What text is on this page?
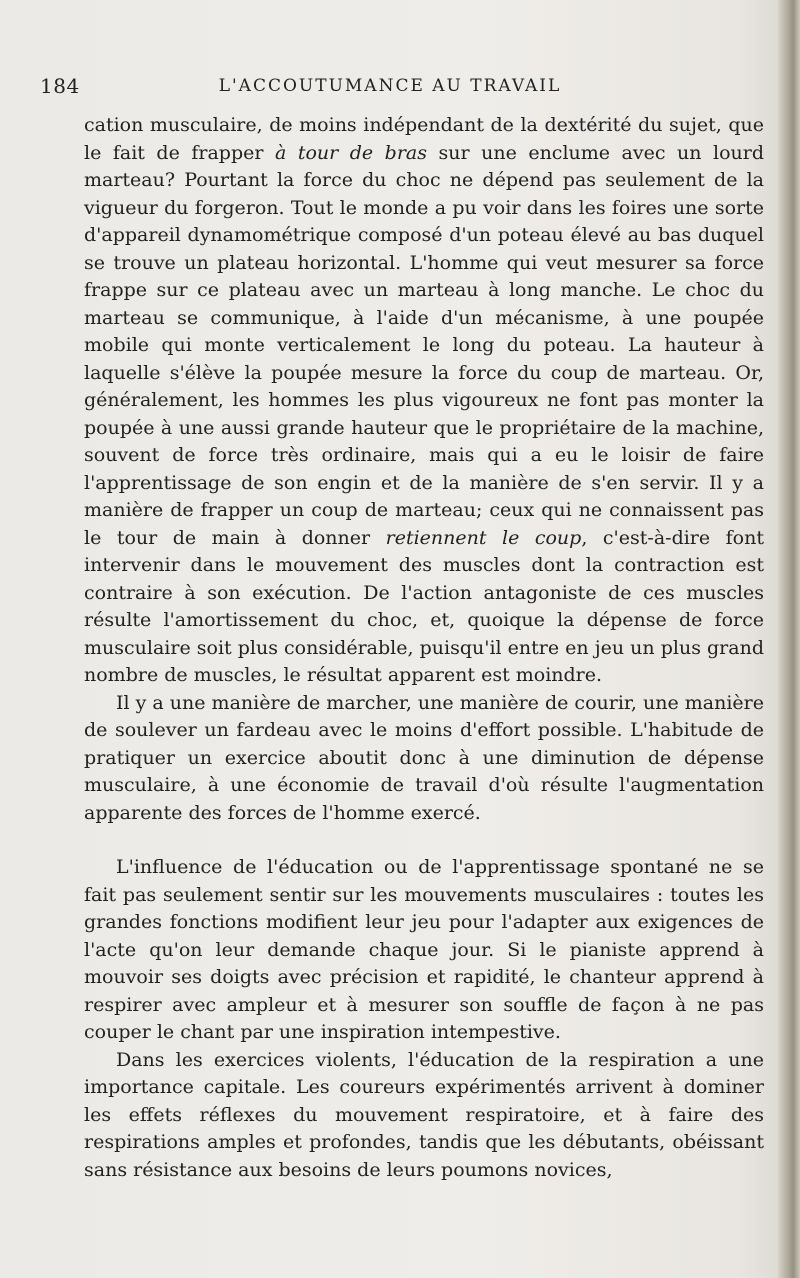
184	L'ACCOUTUMANCE AU TRAVAIL

cation musculaire, de moins indépendant de la dextérité du sujet, que le fait de frapper à tour de bras sur une enclume avec un lourd marteau? Pourtant la force du choc ne dépend pas seulement de la vigueur du forgeron. Tout le monde a pu voir dans les foires une sorte d'appareil dynamométrique composé d'un poteau élevé au bas duquel se trouve un plateau horizontal. L'homme qui veut mesurer sa force frappe sur ce plateau avec un marteau à long manche. Le choc du marteau se communique, à l'aide d'un mécanisme, à une poupée mobile qui monte verticalement le long du poteau. La hauteur à laquelle s'élève la poupée mesure la force du coup de marteau. Or, généralement, les hommes les plus vigoureux ne font pas monter la poupée à une aussi grande hauteur que le propriétaire de la machine, souvent de force très ordinaire, mais qui a eu le loisir de faire l'apprentissage de son engin et de la manière de s'en servir. Il y a manière de frapper un coup de marteau; ceux qui ne connaissent pas le tour de main à donner retiennent le coup, c'est-à-dire font intervenir dans le mouvement des muscles dont la contraction est contraire à son exécution. De l'action antagoniste de ces muscles résulte l'amortissement du choc, et, quoique la dépense de force musculaire soit plus considérable, puisqu'il entre en jeu un plus grand nombre de muscles, le résultat apparent est moindre.

Il y a une manière de marcher, une manière de courir, une manière de soulever un fardeau avec le moins d'effort possible. L'habitude de pratiquer un exercice aboutit donc à une diminution de dépense musculaire, à une économie de travail d'où résulte l'augmentation apparente des forces de l'homme exercé.

L'influence de l'éducation ou de l'apprentissage spontané ne se fait pas seulement sentir sur les mouvements musculaires : toutes les grandes fonctions modifient leur jeu pour l'adapter aux exigences de l'acte qu'on leur demande chaque jour. Si le pianiste apprend à mouvoir ses doigts avec précision et rapidité, le chanteur apprend à respirer avec ampleur et à mesurer son souffle de façon à ne pas couper le chant par une inspiration intempestive.

Dans les exercices violents, l'éducation de la respiration a une importance capitale. Les coureurs expérimentés arrivent à dominer les effets réflexes du mouvement respiratoire, et à faire des respirations amples et profondes, tandis que les débutants, obéissant sans résistance aux besoins de leurs poumons novices,
